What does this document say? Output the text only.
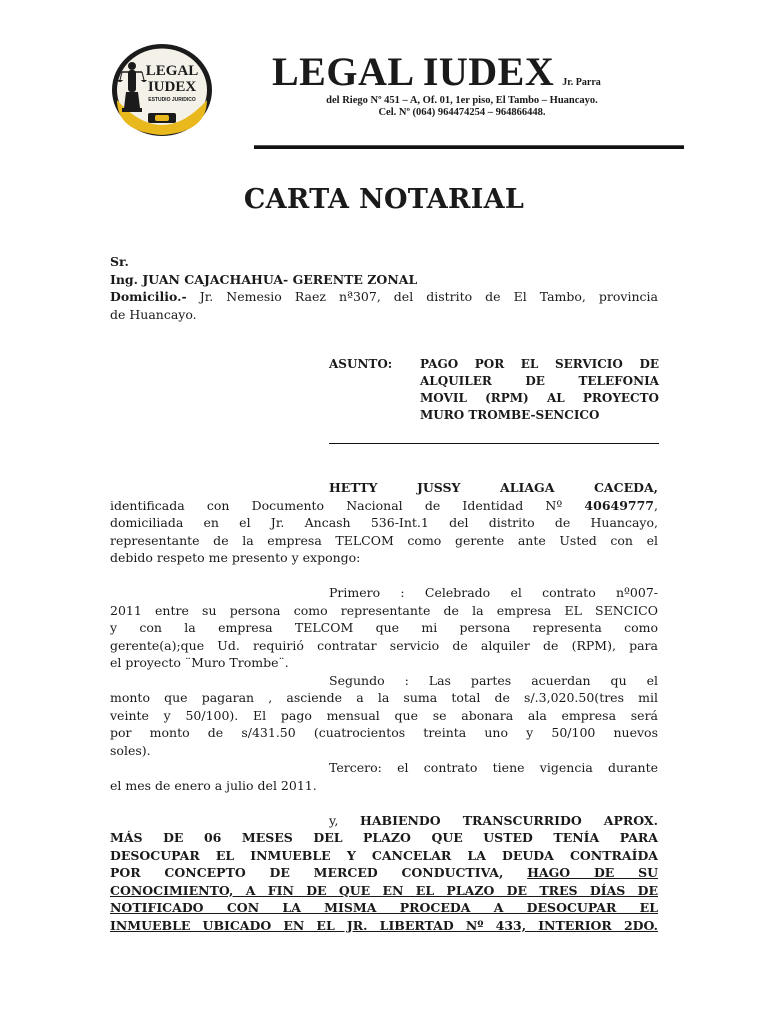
LEGAL
IUDEX
ESTUDIO JURIDICO
LEGAL IUDEX Jr. Parra
del Riego Nº 451 – A, Of. 01, 1er piso, El Tambo – Huancayo.
Cel. Nº (064) 964474254 – 964866448.
CARTA NOTARIAL
Sr.
Ing. JUAN CAJACHAHUA- GERENTE ZONAL
Domicilio.- Jr. Nemesio Raez nª307, del distrito de El Tambo, provincia
de Huancayo.
ASUNTO: PAGO POR EL SERVICIO DE
ALQUILER DE TELEFONIA
MOVIL (RPM) AL PROYECTO
MURO TROMBE-SENCICO
HETTY JUSSY ALIAGA CACEDA,
identificada con Documento Nacional de Identidad Nº 40649777,
domiciliada en el Jr. Ancash 536-Int.1 del distrito de Huancayo,
representante de la empresa TELCOM como gerente ante Usted con el
debido respeto me presento y expongo:
Primero : Celebrado el contrato nº007-
2011 entre su persona como representante de la empresa EL SENCICO
y con la empresa TELCOM que mi persona representa como
gerente(a);que Ud. requirió contratar servicio de alquiler de (RPM), para
el proyecto ¨Muro Trombe¨.
Segundo : Las partes acuerdan qu el
monto que pagaran , asciende a la suma total de s/.3,020.50(tres mil
veinte y 50/100). El pago mensual que se abonara ala empresa será
por monto de s/431.50 (cuatrocientos treinta uno y 50/100 nuevos
soles).
Tercero: el contrato tiene vigencia durante
el mes de enero a julio del 2011.
y, HABIENDO TRANSCURRIDO APROX.
MÁS DE 06 MESES DEL PLAZO QUE USTED TENÍA PARA
DESOCUPAR EL INMUEBLE Y CANCELAR LA DEUDA CONTRAÍDA
POR CONCEPTO DE MERCED CONDUCTIVA, HAGO DE SU
CONOCIMIENTO, A FIN DE QUE EN EL PLAZO DE TRES DÍAS DE
NOTIFICADO CON LA MISMA PROCEDA A DESOCUPAR EL
INMUEBLE UBICADO EN EL JR. LIBERTAD Nº 433, INTERIOR 2DO.
